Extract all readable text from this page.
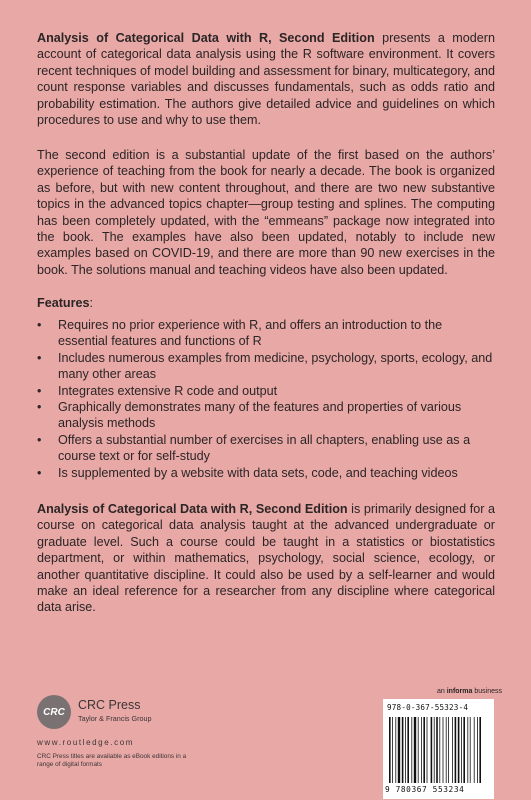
Analysis of Categorical Data with R, Second Edition presents a modern account of categorical data analysis using the R software environment. It covers recent techniques of model building and assessment for binary, multicategory, and count response variables and discusses fundamentals, such as odds ratio and probability estimation. The authors give detailed advice and guidelines on which procedures to use and why to use them.

The second edition is a substantial update of the first based on the authors’ experience of teaching from the book for nearly a decade. The book is organized as before, but with new content throughout, and there are two new substantive topics in the advanced topics chapter—group testing and splines. The computing has been completely updated, with the “emmeans” package now integrated into the book. The examples have also been updated, notably to include new examples based on COVID-19, and there are more than 90 new exercises in the book. The solutions manual and teaching videos have also been updated.

Features:
• Requires no prior experience with R, and offers an introduction to the essential features and functions of R
• Includes numerous examples from medicine, psychology, sports, ecology, and many other areas
• Integrates extensive R code and output
• Graphically demonstrates many of the features and properties of various analysis methods
• Offers a substantial number of exercises in all chapters, enabling use as a course text or for self-study
• Is supplemented by a website with data sets, code, and teaching videos

Analysis of Categorical Data with R, Second Edition is primarily designed for a course on categorical data analysis taught at the advanced undergraduate or graduate level. Such a course could be taught in a statistics or biostatistics department, or within mathematics, psychology, social science, ecology, or another quantitative discipline. It could also be used by a self-learner and would make an ideal reference for a researcher from any discipline where categorical data arise.

CRC CRC Press
Taylor & Francis Group
www.routledge.com
CRC Press titles are available as eBook editions in a range of digital formats
an informa business
978-0-367-55323-4
9 780367 553234
